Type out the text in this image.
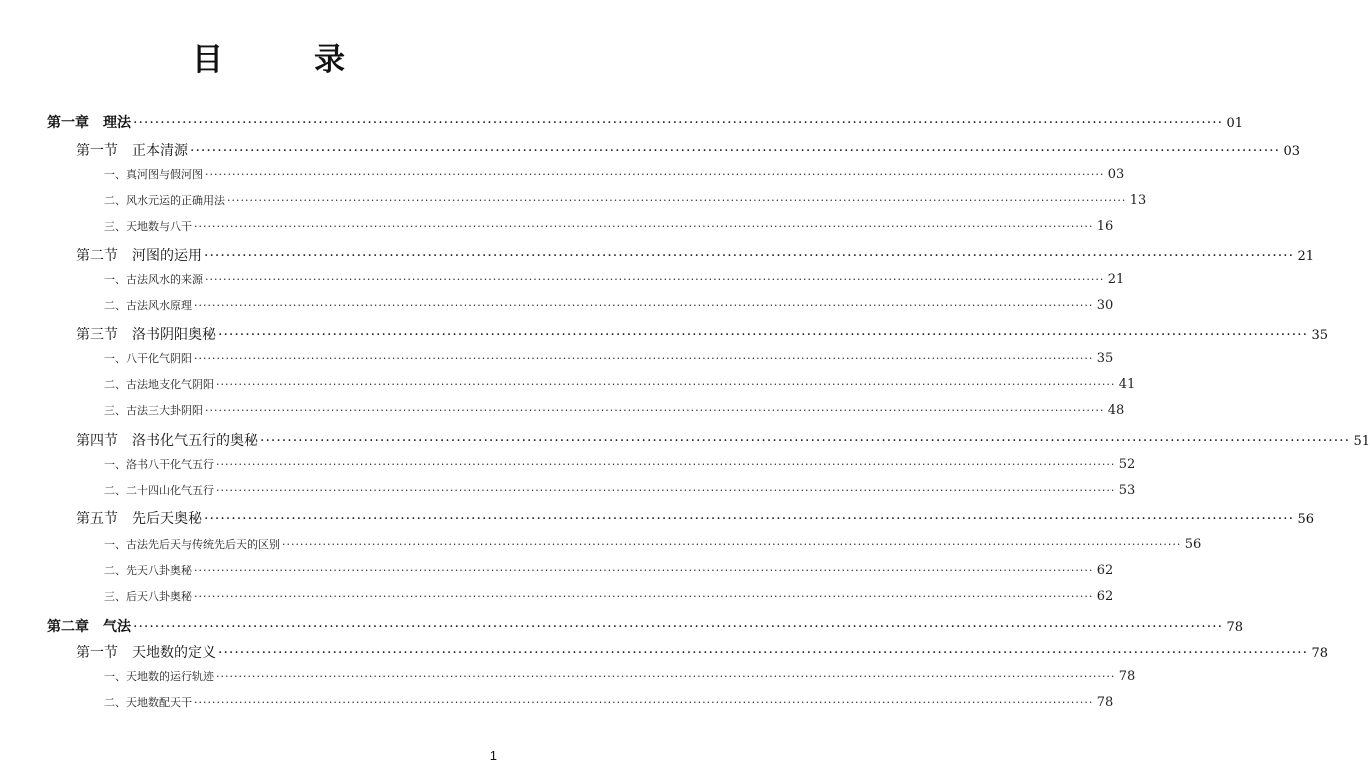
目　录
第一章 理法 ········································································································································································································ 01
第一节 正本清源 ········································································································································································································ 03
一、真河图与假河图 ········································································································································································································ 03
二、风水元运的正确用法 ········································································································································································································ 13
三、天地数与八干 ········································································································································································································ 16
第二节 河图的运用 ········································································································································································································ 21
一、古法风水的来源 ········································································································································································································ 21
二、古法风水原理 ········································································································································································································ 30
第三节 洛书阴阳奥秘 ········································································································································································································ 35
一、八干化气阴阳 ········································································································································································································ 35
二、古法地支化气阴阳 ········································································································································································································ 41
三、古法三大卦阴阳 ········································································································································································································ 48
第四节 洛书化气五行的奥秘 ········································································································································································································ 51
一、洛书八干化气五行 ········································································································································································································ 52
二、二十四山化气五行 ········································································································································································································ 53
第五节 先后天奥秘 ········································································································································································································ 56
一、古法先后天与传统先后天的区别 ········································································································································································································ 56
二、先天八卦奥秘 ········································································································································································································ 62
三、后天八卦奥秘 ········································································································································································································ 62
第二章 气法 ········································································································································································································ 78
第一节 天地数的定义 ········································································································································································································ 78
一、天地数的运行轨迹 ········································································································································································································ 78
二、天地数配天干 ········································································································································································································ 78
1
